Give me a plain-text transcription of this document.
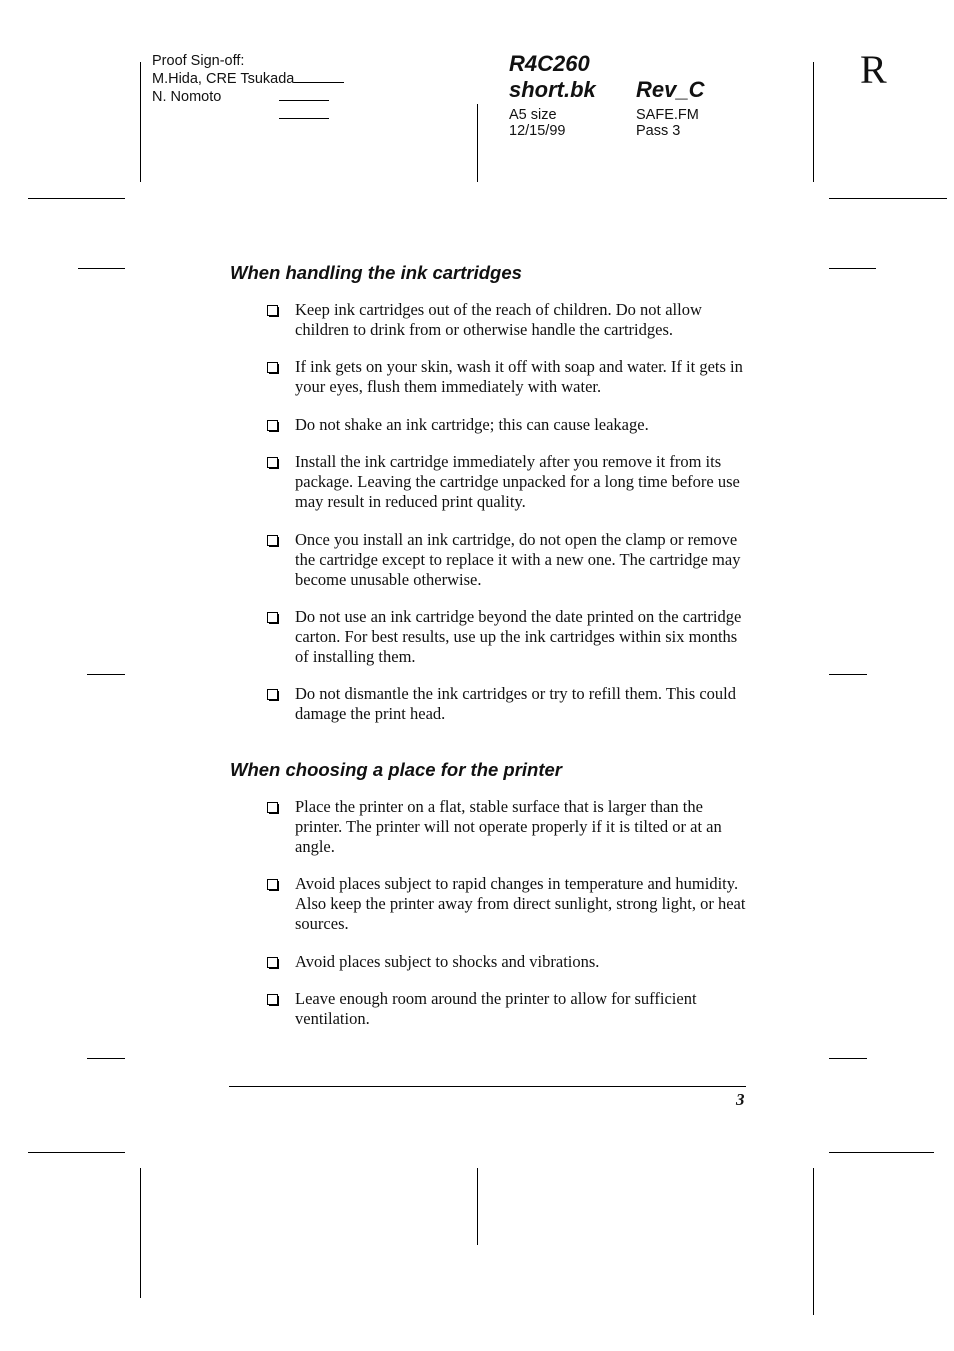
Proof Sign-off:
M.Hida, CRE Tsukada
N. Nomoto
R4C260
short.bk Rev_C
A5 size
12/15/99
SAFE.FM
Pass 3
R
When handling the ink cartridges
Keep ink cartridges out of the reach of children. Do not allow children to drink from or otherwise handle the cartridges.
If ink gets on your skin, wash it off with soap and water. If it gets in your eyes, flush them immediately with water.
Do not shake an ink cartridge; this can cause leakage.
Install the ink cartridge immediately after you remove it from its package. Leaving the cartridge unpacked for a long time before use may result in reduced print quality.
Once you install an ink cartridge, do not open the clamp or remove the cartridge except to replace it with a new one. The cartridge may become unusable otherwise.
Do not use an ink cartridge beyond the date printed on the cartridge carton. For best results, use up the ink cartridges within six months of installing them.
Do not dismantle the ink cartridges or try to refill them. This could damage the print head.
When choosing a place for the printer
Place the printer on a flat, stable surface that is larger than the printer. The printer will not operate properly if it is tilted or at an angle.
Avoid places subject to rapid changes in temperature and humidity. Also keep the printer away from direct sunlight, strong light, or heat sources.
Avoid places subject to shocks and vibrations.
Leave enough room around the printer to allow for sufficient ventilation.
3
